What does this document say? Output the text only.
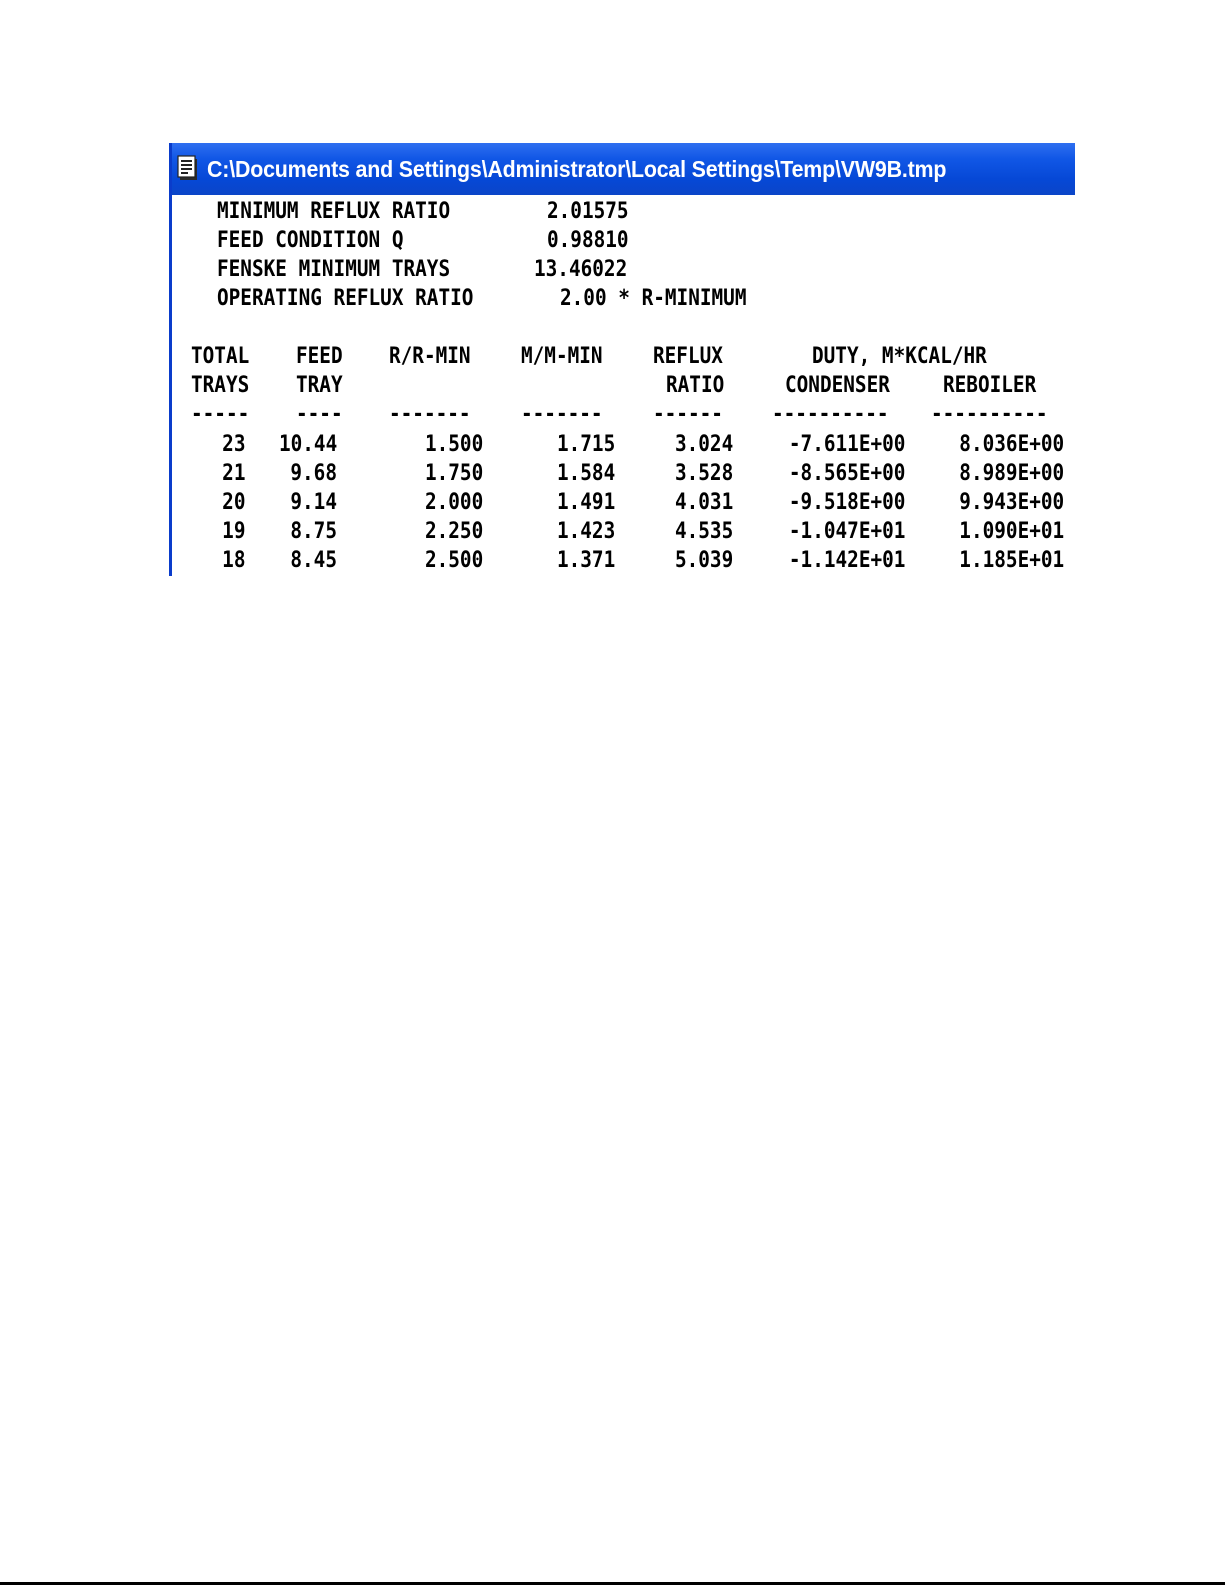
C:\Documents and Settings\Administrator\Local Settings\Temp\VW9B.tmp
MINIMUM REFLUX RATIO	2.01575
FEED CONDITION Q	0.98810
FENSKE MINIMUM TRAYS	13.46022
OPERATING REFLUX RATIO	2.00 * R-MINIMUM
TOTAL FEED R/R-MIN M/M-MIN REFLUX	DUTY, M*KCAL/HR
TRAYS TRAY	RATIO	CONDENSER REBOILER
----- ---- ------- ------- ------ ---------- ----------
23 10.44	1.500	1.715	3.024	-7.611E+00 8.036E+00
21 9.68	1.750	1.584	3.528	-8.565E+00 8.989E+00
20 9.14	2.000	1.491	4.031	-9.518E+00 9.943E+00
19 8.75	2.250	1.423	4.535	-1.047E+01 1.090E+01
18 8.45	2.500	1.371	5.039	-1.142E+01 1.185E+01
